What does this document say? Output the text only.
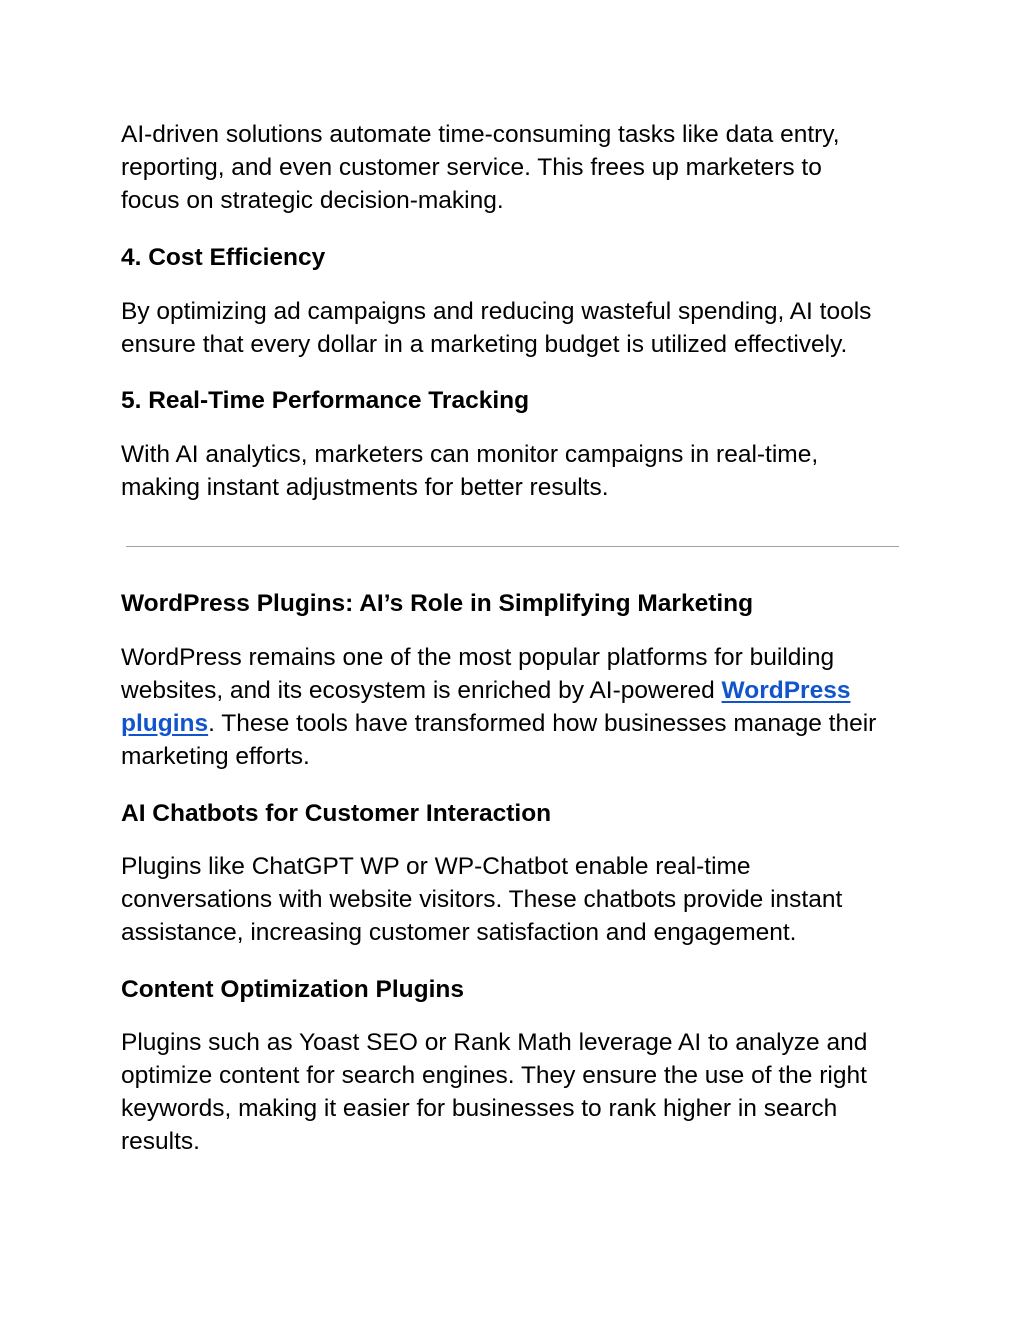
AI-driven solutions automate time-consuming tasks like data entry,
reporting, and even customer service. This frees up marketers to
focus on strategic decision-making.
4. Cost Efficiency
By optimizing ad campaigns and reducing wasteful spending, AI tools
ensure that every dollar in a marketing budget is utilized effectively.
5. Real-Time Performance Tracking
With AI analytics, marketers can monitor campaigns in real-time,
making instant adjustments for better results.
WordPress Plugins: AI’s Role in Simplifying Marketing
WordPress remains one of the most popular platforms for building
websites, and its ecosystem is enriched by AI-powered WordPress
plugins. These tools have transformed how businesses manage their
marketing efforts.
AI Chatbots for Customer Interaction
Plugins like ChatGPT WP or WP-Chatbot enable real-time
conversations with website visitors. These chatbots provide instant
assistance, increasing customer satisfaction and engagement.
Content Optimization Plugins
Plugins such as Yoast SEO or Rank Math leverage AI to analyze and
optimize content for search engines. They ensure the use of the right
keywords, making it easier for businesses to rank higher in search
results.
